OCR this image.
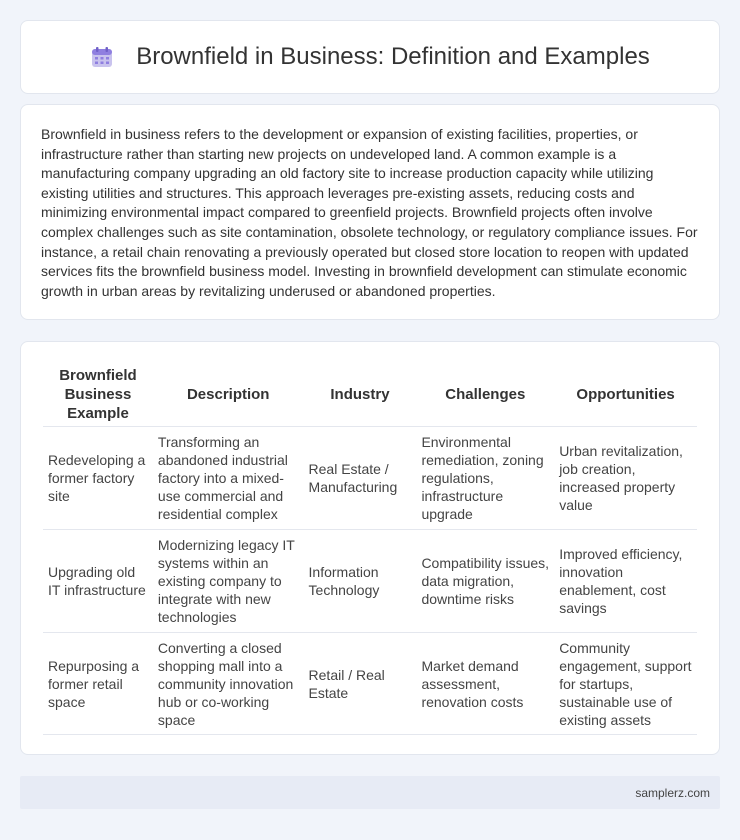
Brownfield in Business: Definition and Examples

Brownfield in business refers to the development or expansion of existing facilities, properties, or infrastructure rather than starting new projects on undeveloped land. A common example is a manufacturing company upgrading an old factory site to increase production capacity while utilizing existing utilities and structures. This approach leverages pre-existing assets, reducing costs and minimizing environmental impact compared to greenfield projects. Brownfield projects often involve complex challenges such as site contamination, obsolete technology, or regulatory compliance issues. For instance, a retail chain renovating a previously operated but closed store location to reopen with updated services fits the brownfield business model. Investing in brownfield development can stimulate economic growth in urban areas by revitalizing underused or abandoned properties.

Brownfield Business Example	Description	Industry	Challenges	Opportunities
Redeveloping a former factory site	Transforming an abandoned industrial factory into a mixed-use commercial and residential complex	Real Estate / Manufacturing	Environmental remediation, zoning regulations, infrastructure upgrade	Urban revitalization, job creation, increased property value
Upgrading old IT infrastructure	Modernizing legacy IT systems within an existing company to integrate with new technologies	Information Technology	Compatibility issues, data migration, downtime risks	Improved efficiency, innovation enablement, cost savings
Repurposing a former retail space	Converting a closed shopping mall into a community innovation hub or co-working space	Retail / Real Estate	Market demand assessment, renovation costs	Community engagement, support for startups, sustainable use of existing assets
samplerz.com
